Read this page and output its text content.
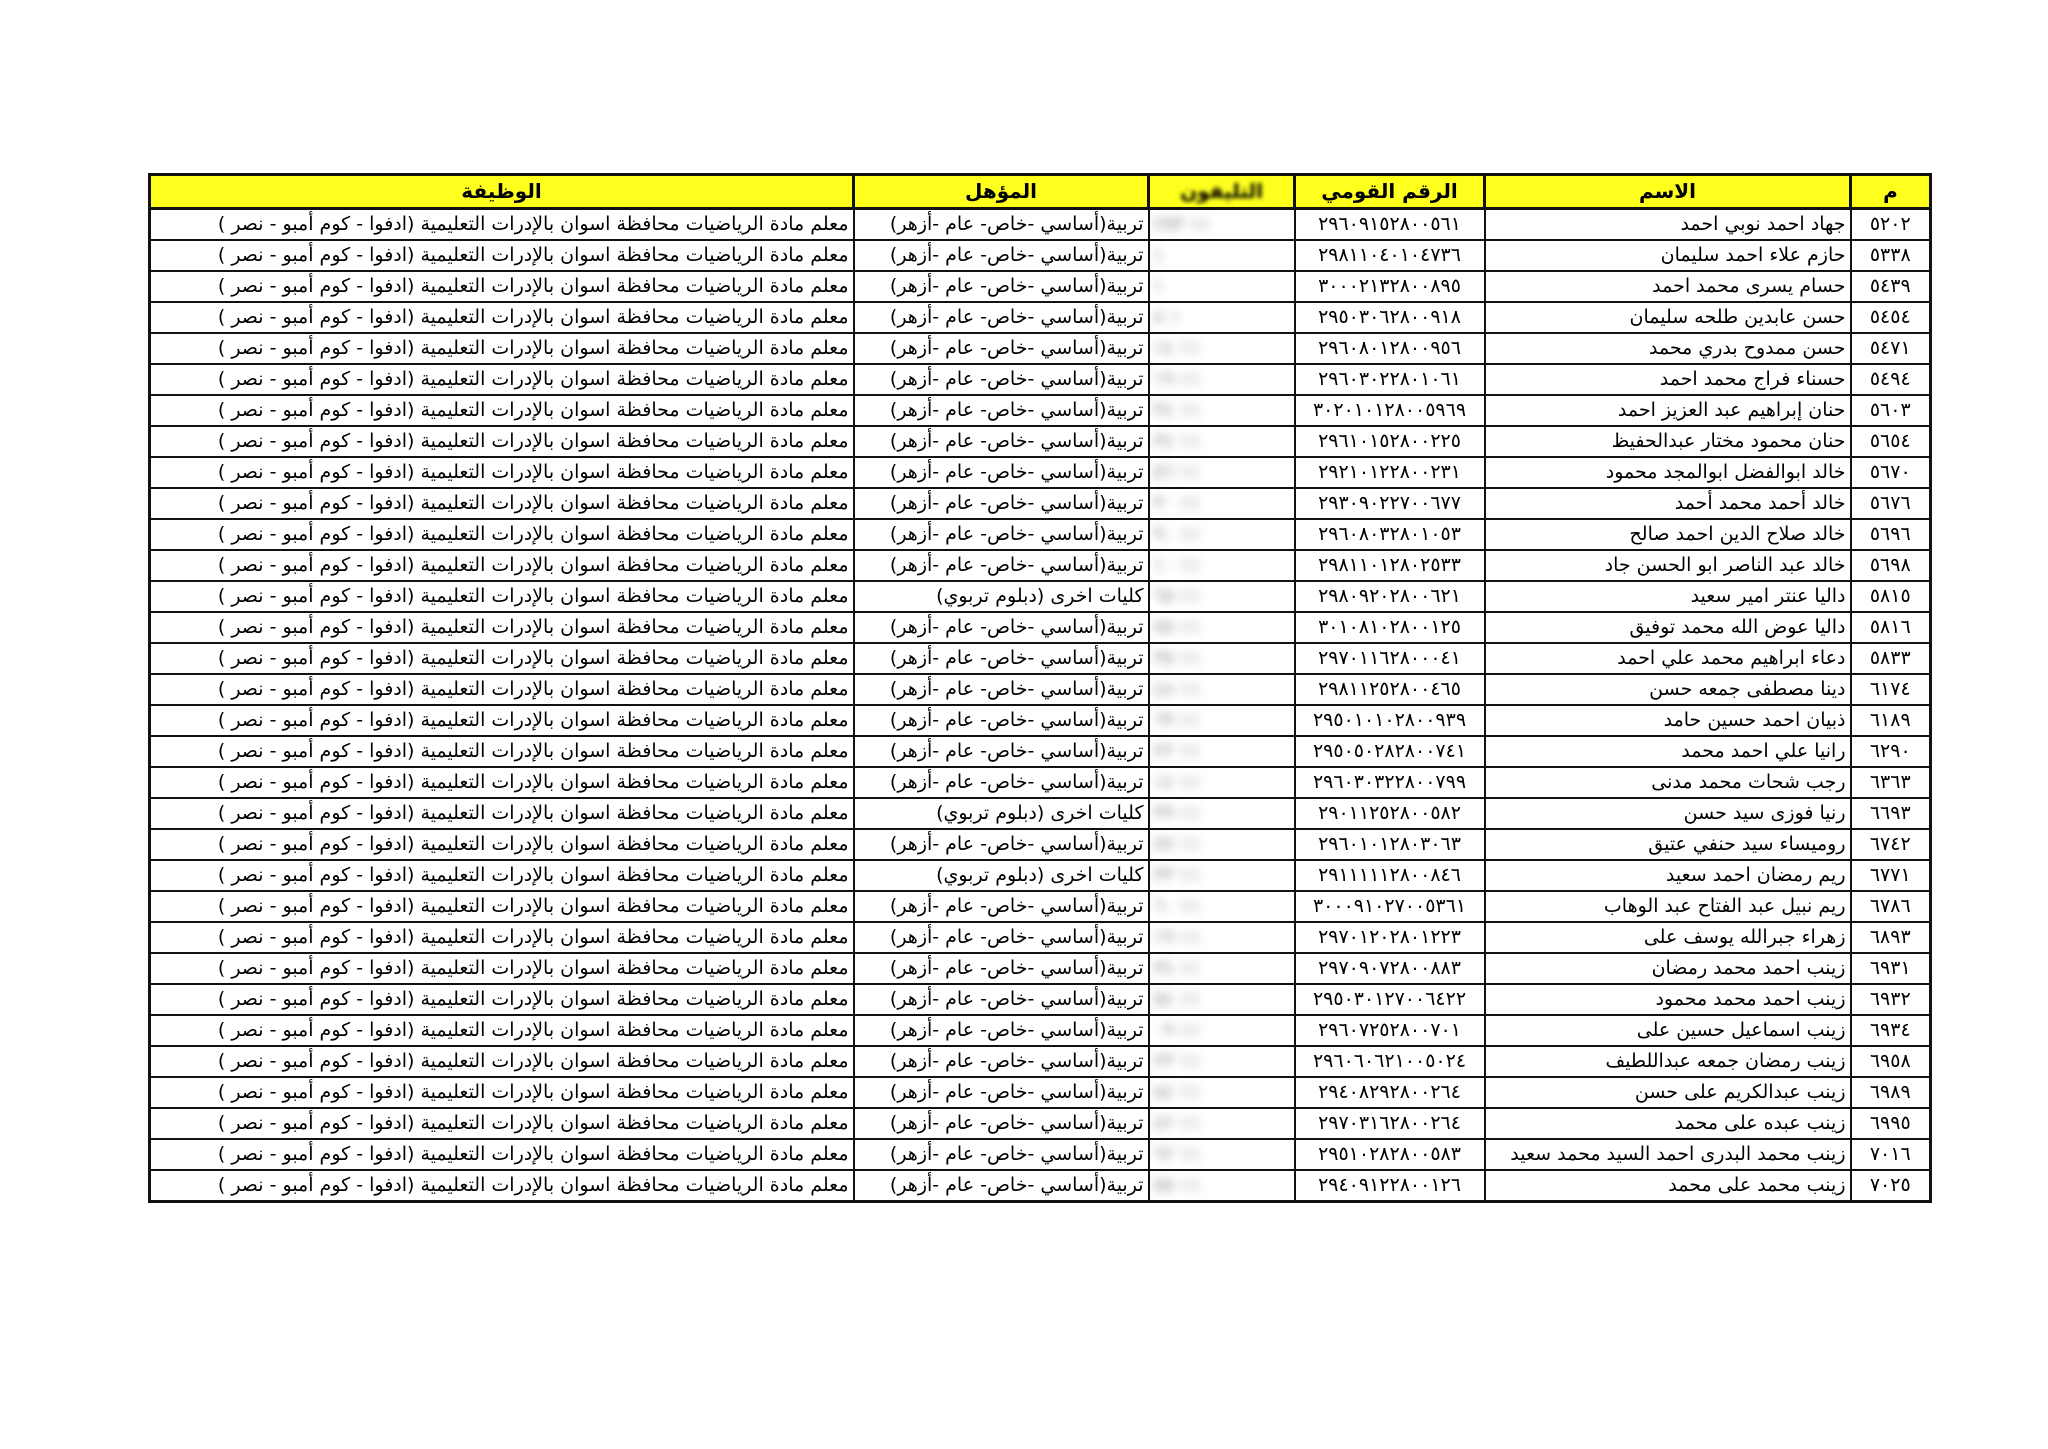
م	الاسم	الرقم القومي	التليفون	المؤهل	الوظيفة
٥٢٠٢	جهاد احمد نوبي احمد	٢٩٦٠٩١٥٢٨٠٠٥٦١	١١ ٢٥٣	تربية(أساسي -خاص- عام -أزهر)	معلم مادة الرياضيات محافظة اسوان بالإدرات التعليمية (ادفوا - كوم أمبو - نصر )
٥٣٣٨	حازم علاء احمد سليمان	٢٩٨١١٠٤٠١٠٤٧٣٦	١	تربية(أساسي -خاص- عام -أزهر)	معلم مادة الرياضيات محافظة اسوان بالإدرات التعليمية (ادفوا - كوم أمبو - نصر )
٥٤٣٩	حسام يسرى محمد احمد	٣٠٠٠٢١٣٢٨٠٠٨٩٥	١	تربية(أساسي -خاص- عام -أزهر)	معلم مادة الرياضيات محافظة اسوان بالإدرات التعليمية (ادفوا - كوم أمبو - نصر )
٥٤٥٤	حسن عابدين طلحه سليمان	٢٩٥٠٣٠٦٢٨٠٠٩١٨	١ ٨	تربية(أساسي -خاص- عام -أزهر)	معلم مادة الرياضيات محافظة اسوان بالإدرات التعليمية (ادفوا - كوم أمبو - نصر )
٥٤٧١	حسن ممدوح بدري محمد	٢٩٦٠٨٠١٢٨٠٠٩٥٦	١١ ١٤	تربية(أساسي -خاص- عام -أزهر)	معلم مادة الرياضيات محافظة اسوان بالإدرات التعليمية (ادفوا - كوم أمبو - نصر )
٥٤٩٤	حسناء فراج محمد احمد	٢٩٦٠٣٠٢٢٨٠١٠٦١	١١ ١٩	تربية(أساسي -خاص- عام -أزهر)	معلم مادة الرياضيات محافظة اسوان بالإدرات التعليمية (ادفوا - كوم أمبو - نصر )
٥٦٠٣	حنان إبراهيم عبد العزيز احمد	٣٠٢٠١٠١٢٨٠٠٥٩٦٩	١١ ٣٤	تربية(أساسي -خاص- عام -أزهر)	معلم مادة الرياضيات محافظة اسوان بالإدرات التعليمية (ادفوا - كوم أمبو - نصر )
٥٦٥٤	حنان محمود مختار عبدالحفيظ	٢٩٦١٠١٥٢٨٠٠٢٢٥	١١ ٣٤	تربية(أساسي -خاص- عام -أزهر)	معلم مادة الرياضيات محافظة اسوان بالإدرات التعليمية (ادفوا - كوم أمبو - نصر )
٥٦٧٠	خالد ابوالفضل ابوالمجد محمود	٢٩٢١٠١٢٢٨٠٠٢٣١	١١ ٥٦	تربية(أساسي -خاص- عام -أزهر)	معلم مادة الرياضيات محافظة اسوان بالإدرات التعليمية (ادفوا - كوم أمبو - نصر )
٥٦٧٦	خالد أحمد محمد أحمد	٢٩٣٠٩٠٢٢٧٠٠٦٧٧	١١ ٣٠	تربية(أساسي -خاص- عام -أزهر)	معلم مادة الرياضيات محافظة اسوان بالإدرات التعليمية (ادفوا - كوم أمبو - نصر )
٥٦٩٦	خالد صلاح الدين احمد صالح	٢٩٦٠٨٠٣٢٨٠١٠٥٣	١١ ٩٠	تربية(أساسي -خاص- عام -أزهر)	معلم مادة الرياضيات محافظة اسوان بالإدرات التعليمية (ادفوا - كوم أمبو - نصر )
٥٦٩٨	خالد عبد الناصر ابو الحسن جاد	٢٩٨١١٠١٢٨٠٢٥٣٣	١١ ١٠	تربية(أساسي -خاص- عام -أزهر)	معلم مادة الرياضيات محافظة اسوان بالإدرات التعليمية (ادفوا - كوم أمبو - نصر )
٥٨١٥	داليا عنتر امير سعيد	٢٩٨٠٩٢٠٢٨٠٠٦٢١	١١ ٦٥	كليات اخرى (دبلوم تربوي)	معلم مادة الرياضيات محافظة اسوان بالإدرات التعليمية (ادفوا - كوم أمبو - نصر )
٥٨١٦	داليا عوض الله محمد توفيق	٣٠١٠٨١٠٢٨٠٠١٢٥	١١ ٧٥	تربية(أساسي -خاص- عام -أزهر)	معلم مادة الرياضيات محافظة اسوان بالإدرات التعليمية (ادفوا - كوم أمبو - نصر )
٥٨٣٣	دعاء ابراهيم محمد علي احمد	٢٩٧٠١١٦٢٨٠٠٠٤١	١١ ٣٥	تربية(أساسي -خاص- عام -أزهر)	معلم مادة الرياضيات محافظة اسوان بالإدرات التعليمية (ادفوا - كوم أمبو - نصر )
٦١٧٤	دينا مصطفى جمعه حسن	٢٩٨١١٢٥٢٨٠٠٤٦٥	١١ ٤٨	تربية(أساسي -خاص- عام -أزهر)	معلم مادة الرياضيات محافظة اسوان بالإدرات التعليمية (ادفوا - كوم أمبو - نصر )
٦١٨٩	ذبيان احمد حسين حامد	٢٩٥٠١٠١٠٢٨٠٠٩٣٩	١١ ٦٩	تربية(أساسي -خاص- عام -أزهر)	معلم مادة الرياضيات محافظة اسوان بالإدرات التعليمية (ادفوا - كوم أمبو - نصر )
٦٢٩٠	رانيا علي احمد محمد	٢٩٥٠٥٠٢٨٢٨٠٠٧٤١	١١ ٢٢	تربية(أساسي -خاص- عام -أزهر)	معلم مادة الرياضيات محافظة اسوان بالإدرات التعليمية (ادفوا - كوم أمبو - نصر )
٦٣٦٣	رجب شحات محمد مدنى	٢٩٦٠٣٠٣٢٢٨٠٠٧٩٩	١١ ١٤	تربية(أساسي -خاص- عام -أزهر)	معلم مادة الرياضيات محافظة اسوان بالإدرات التعليمية (ادفوا - كوم أمبو - نصر )
٦٦٩٣	رنيا فوزى سيد حسن	٢٩٠١١٢٥٢٨٠٠٥٨٢	١١ ٣٩	كليات اخرى (دبلوم تربوي)	معلم مادة الرياضيات محافظة اسوان بالإدرات التعليمية (ادفوا - كوم أمبو - نصر )
٦٧٤٢	روميساء سيد حنفي عتيق	٢٩٦٠١٠١٢٨٠٣٠٦٣	١١ ٧٧	تربية(أساسي -خاص- عام -أزهر)	معلم مادة الرياضيات محافظة اسوان بالإدرات التعليمية (ادفوا - كوم أمبو - نصر )
٦٧٧١	ريم رمضان احمد سعيد	٢٩١١١١١٢٨٠٠٨٤٦	١١ ٣٣	كليات اخرى (دبلوم تربوي)	معلم مادة الرياضيات محافظة اسوان بالإدرات التعليمية (ادفوا - كوم أمبو - نصر )
٦٧٨٦	ريم نبيل عبد الفتاح عبد الوهاب	٣٠٠٠٩١٠٢٧٠٠٥٣٦١	١١ ٦٠	تربية(أساسي -خاص- عام -أزهر)	معلم مادة الرياضيات محافظة اسوان بالإدرات التعليمية (ادفوا - كوم أمبو - نصر )
٦٨٩٣	زهراء جبرالله يوسف على	٢٩٧٠١٢٠٢٨٠١٢٢٣	١١ ١٩	تربية(أساسي -خاص- عام -أزهر)	معلم مادة الرياضيات محافظة اسوان بالإدرات التعليمية (ادفوا - كوم أمبو - نصر )
٦٩٣١	زينب احمد محمد رمضان	٢٩٧٠٩٠٧٢٨٠٠٨٨٣	١١ ٣٤	تربية(أساسي -خاص- عام -أزهر)	معلم مادة الرياضيات محافظة اسوان بالإدرات التعليمية (ادفوا - كوم أمبو - نصر )
٦٩٣٢	زينب احمد محمد محمود	٢٩٥٠٣٠١٢٧٠٠٦٤٢٢	١١ ٥٤	تربية(أساسي -خاص- عام -أزهر)	معلم مادة الرياضيات محافظة اسوان بالإدرات التعليمية (ادفوا - كوم أمبو - نصر )
٦٩٣٤	زينب اسماعيل حسين على	٢٩٦٠٧٢٥٢٨٠٠٧٠١	١١ ٠٩	تربية(أساسي -خاص- عام -أزهر)	معلم مادة الرياضيات محافظة اسوان بالإدرات التعليمية (ادفوا - كوم أمبو - نصر )
٦٩٥٨	زينب رمضان جمعه عبداللطيف	٢٩٦٠٦٠٦٢١٠٠٥٠٢٤	١١ ٢٣	تربية(أساسي -خاص- عام -أزهر)	معلم مادة الرياضيات محافظة اسوان بالإدرات التعليمية (ادفوا - كوم أمبو - نصر )
٦٩٨٩	زينب عبدالكريم على حسن	٢٩٤٠٨٢٩٢٨٠٠٢٦٤	١١ ٨٤	تربية(أساسي -خاص- عام -أزهر)	معلم مادة الرياضيات محافظة اسوان بالإدرات التعليمية (ادفوا - كوم أمبو - نصر )
٦٩٩٥	زينب عبده على محمد	٢٩٧٠٣١٦٢٨٠٠٢٦٤	١١ ٤٢	تربية(أساسي -خاص- عام -أزهر)	معلم مادة الرياضيات محافظة اسوان بالإدرات التعليمية (ادفوا - كوم أمبو - نصر )
٧٠١٦	زينب محمد البدرى احمد السيد محمد سعيد	٢٩٥١٠٢٨٢٨٠٠٥٨٣	١١ ٦٢	تربية(أساسي -خاص- عام -أزهر)	معلم مادة الرياضيات محافظة اسوان بالإدرات التعليمية (ادفوا - كوم أمبو - نصر )
٧٠٢٥	زينب محمد على محمد	٢٩٤٠٩١٢٢٨٠٠١٢٦	١١ ٥٥	تربية(أساسي -خاص- عام -أزهر)	معلم مادة الرياضيات محافظة اسوان بالإدرات التعليمية (ادفوا - كوم أمبو - نصر )
